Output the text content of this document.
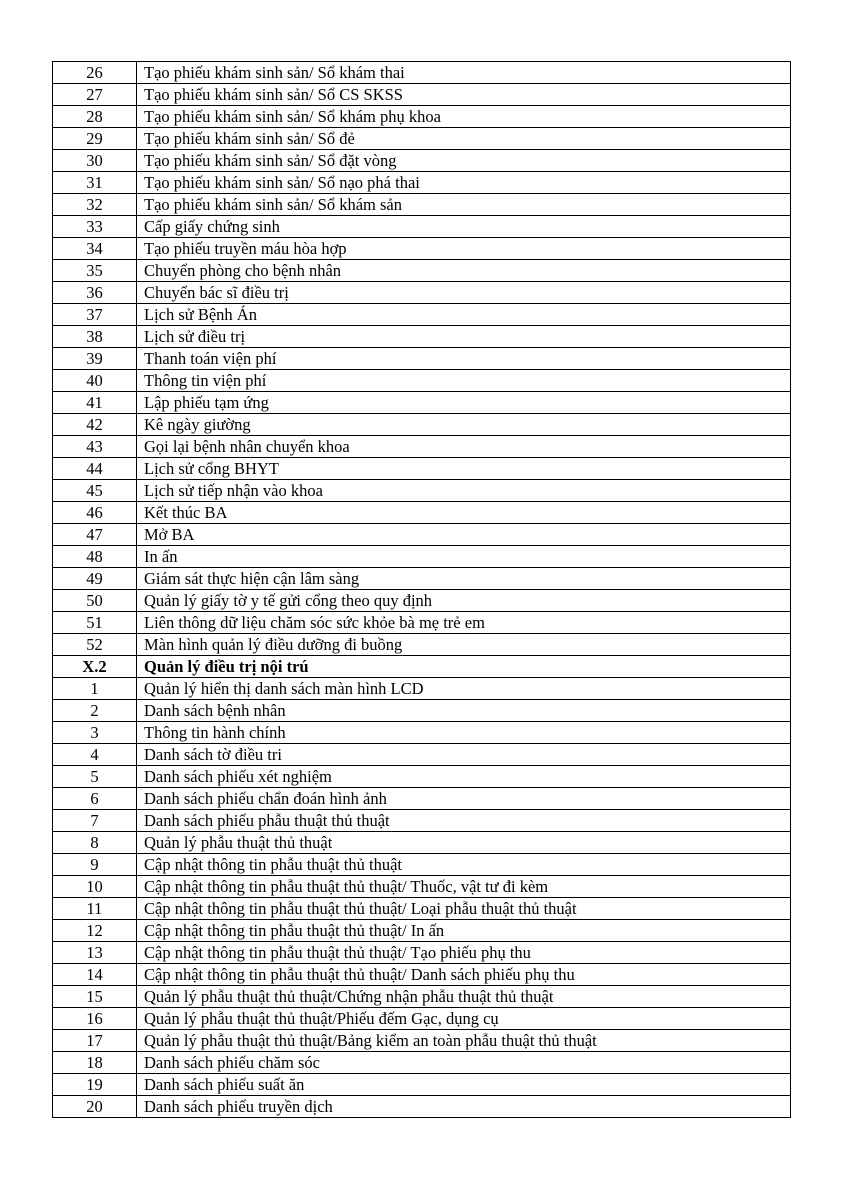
26	Tạo phiếu khám sinh sản/ Sổ khám thai
27	Tạo phiếu khám sinh sản/ Sổ CS SKSS
28	Tạo phiếu khám sinh sản/ Sổ khám phụ khoa
29	Tạo phiếu khám sinh sản/ Sổ đẻ
30	Tạo phiếu khám sinh sản/ Sổ đặt vòng
31	Tạo phiếu khám sinh sản/ Sổ nạo phá thai
32	Tạo phiếu khám sinh sản/ Sổ khám sản
33	Cấp giấy chứng sinh
34	Tạo phiếu truyền máu hòa hợp
35	Chuyển phòng cho bệnh nhân
36	Chuyển bác sĩ điều trị
37	Lịch sử Bệnh Án
38	Lịch sử điều trị
39	Thanh toán viện phí
40	Thông tin viện phí
41	Lập phiếu tạm ứng
42	Kê ngày giường
43	Gọi lại bệnh nhân chuyển khoa
44	Lịch sử cổng BHYT
45	Lịch sử tiếp nhận vào khoa
46	Kết thúc BA
47	Mở BA
48	In ấn
49	Giám sát thực hiện cận lâm sàng
50	Quản lý giấy tờ y tế gửi cổng theo quy định
51	Liên thông dữ liệu chăm sóc sức khỏe bà mẹ trẻ em
52	Màn hình quản lý điều dưỡng đi buồng
X.2	Quản lý điều trị nội trú
1	Quản lý hiển thị danh sách màn hình LCD
2	Danh sách bệnh nhân
3	Thông tin hành chính
4	Danh sách tờ điều tri
5	Danh sách phiếu xét nghiệm
6	Danh sách phiếu chẩn đoán hình ảnh
7	Danh sách phiếu phẫu thuật thủ thuật
8	Quản lý phẫu thuật thủ thuật
9	Cập nhật thông tin phẫu thuật thủ thuật
10	Cập nhật thông tin phẫu thuật thủ thuật/ Thuốc, vật tư đi kèm
11	Cập nhật thông tin phẫu thuật thủ thuật/ Loại phẫu thuật thủ thuật
12	Cập nhật thông tin phẫu thuật thủ thuật/ In ấn
13	Cập nhật thông tin phẫu thuật thủ thuật/ Tạo phiếu phụ thu
14	Cập nhật thông tin phẫu thuật thủ thuật/ Danh sách phiếu phụ thu
15	Quản lý phẫu thuật thủ thuật/Chứng nhận phẫu thuật thủ thuật
16	Quản lý phẫu thuật thủ thuật/Phiếu đếm Gạc, dụng cụ
17	Quản lý phẫu thuật thủ thuật/Bảng kiểm an toàn phẫu thuật thủ thuật
18	Danh sách phiếu chăm sóc
19	Danh sách phiếu suất ăn
20	Danh sách phiếu truyền dịch
